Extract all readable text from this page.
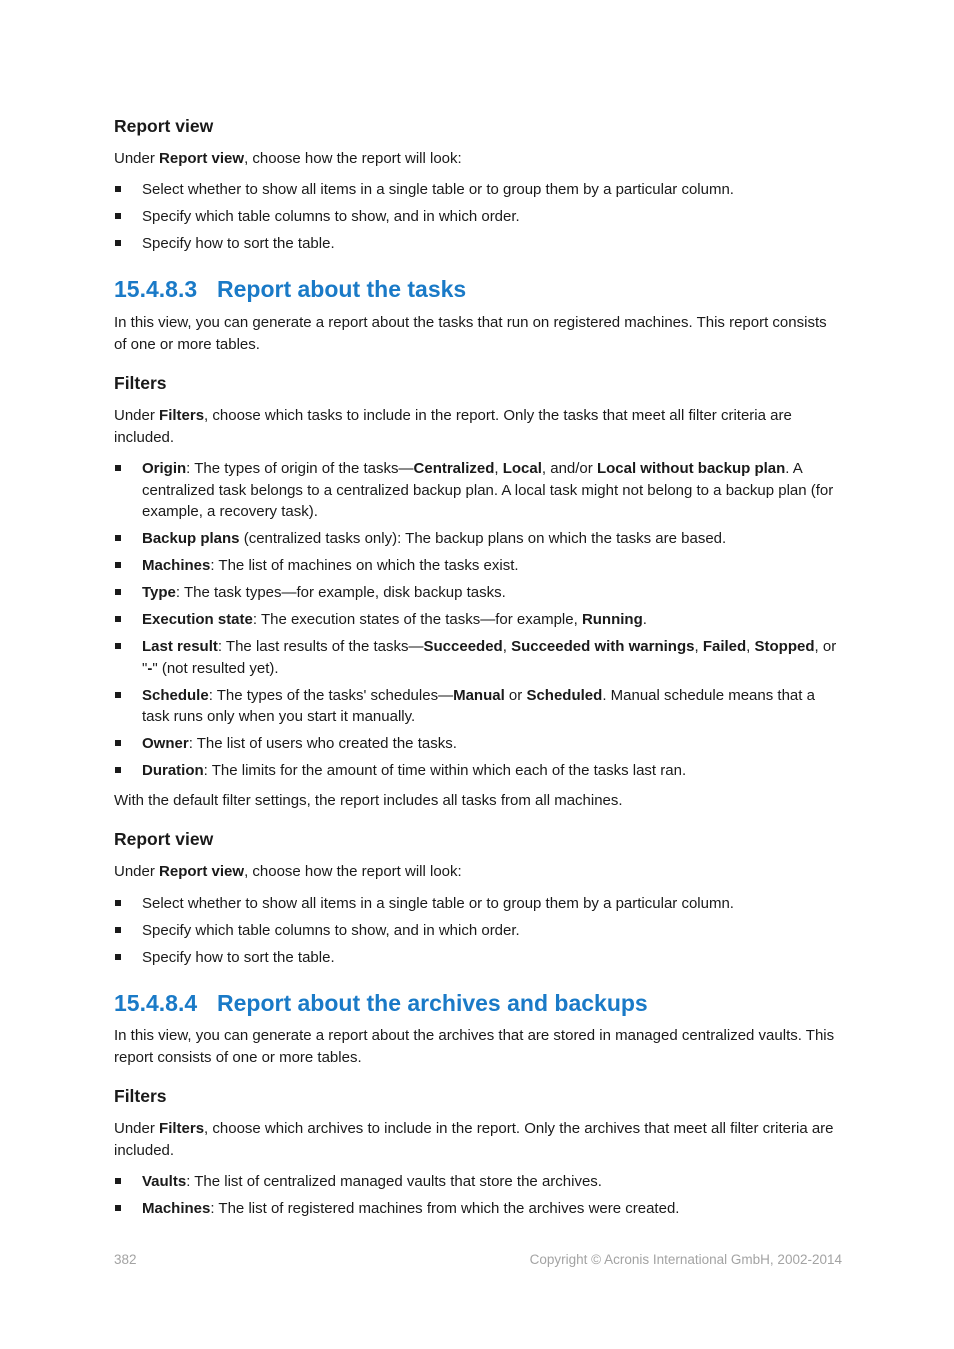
Report view

Under Report view, choose how the report will look:

Select whether to show all items in a single table or to group them by a particular column.
Specify which table columns to show, and in which order.
Specify how to sort the table.
15.4.8.3 Report about the tasks

In this view, you can generate a report about the tasks that run on registered machines. This report consists of one or more tables.

Filters

Under Filters, choose which tasks to include in the report. Only the tasks that meet all filter criteria are included.

Origin: The types of origin of the tasks—Centralized, Local, and/or Local without backup plan. A centralized task belongs to a centralized backup plan. A local task might not belong to a backup plan (for example, a recovery task).
Backup plans (centralized tasks only): The backup plans on which the tasks are based.
Machines: The list of machines on which the tasks exist.
Type: The task types—for example, disk backup tasks.
Execution state: The execution states of the tasks—for example, Running.
Last result: The last results of the tasks—Succeeded, Succeeded with warnings, Failed, Stopped, or "-" (not resulted yet).
Schedule: The types of the tasks' schedules—Manual or Scheduled. Manual schedule means that a task runs only when you start it manually.
Owner: The list of users who created the tasks.
Duration: The limits for the amount of time within which each of the tasks last ran.

With the default filter settings, the report includes all tasks from all machines.

Report view

Under Report view, choose how the report will look:

Select whether to show all items in a single table or to group them by a particular column.
Specify which table columns to show, and in which order.
Specify how to sort the table.
15.4.8.4 Report about the archives and backups

In this view, you can generate a report about the archives that are stored in managed centralized vaults. This report consists of one or more tables.

Filters

Under Filters, choose which archives to include in the report. Only the archives that meet all filter criteria are included.

Vaults: The list of centralized managed vaults that store the archives.
Machines: The list of registered machines from which the archives were created.
382	Copyright © Acronis International GmbH, 2002-2014
